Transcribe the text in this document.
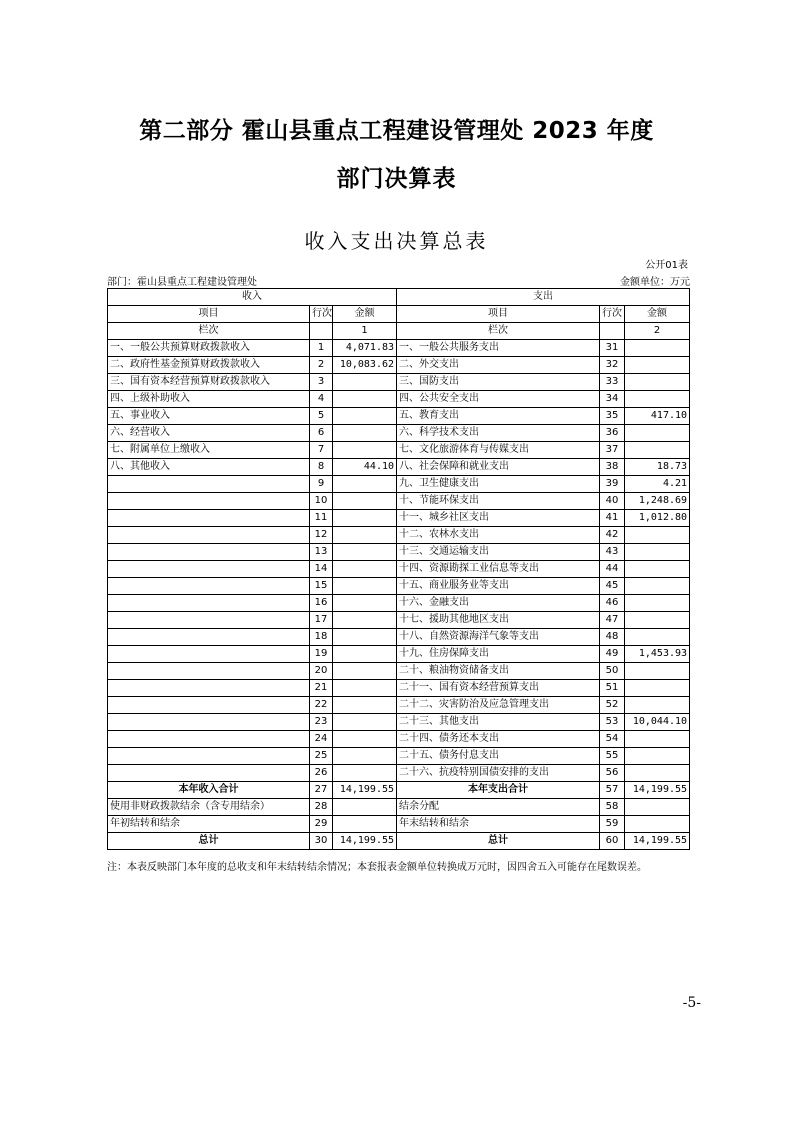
第二部分 霍山县重点工程建设管理处 2023 年度
部门决算表
收入支出决算总表
公开01表
部门：霍山县重点工程建设管理处	金额单位：万元
收入			支出		
项目	行次	金额	项目	行次	金额
栏次		1	栏次		2
一、一般公共预算财政拨款收入	1	4,071.83	一、一般公共服务支出	31	
二、政府性基金预算财政拨款收入	2	10,083.62	二、外交支出	32	
三、国有资本经营预算财政拨款收入	3		三、国防支出	33	
四、上级补助收入	4		四、公共安全支出	34	
五、事业收入	5		五、教育支出	35	417.10
六、经营收入	6		六、科学技术支出	36	
七、附属单位上缴收入	7		七、文化旅游体育与传媒支出	37	
八、其他收入	8	44.10	八、社会保障和就业支出	38	18.73
	9		九、卫生健康支出	39	4.21
	10		十、节能环保支出	40	1,248.69
	11		十一、城乡社区支出	41	1,012.80
	12		十二、农林水支出	42	
	13		十三、交通运输支出	43	
	14		十四、资源勘探工业信息等支出	44	
	15		十五、商业服务业等支出	45	
	16		十六、金融支出	46	
	17		十七、援助其他地区支出	47	
	18		十八、自然资源海洋气象等支出	48	
	19		十九、住房保障支出	49	1,453.93
	20		二十、粮油物资储备支出	50	
	21		二十一、国有资本经营预算支出	51	
	22		二十二、灾害防治及应急管理支出	52	
	23		二十三、其他支出	53	10,044.10
	24		二十四、债务还本支出	54	
	25		二十五、债务付息支出	55	
	26		二十六、抗疫特别国债安排的支出	56	
本年收入合计	27	14,199.55	本年支出合计	57	14,199.55
使用非财政拨款结余（含专用结余）	28		结余分配	58	
年初结转和结余	29		年末结转和结余	59	
总计	30	14,199.55	总计	60	14,199.55
注：本表反映部门本年度的总收支和年末结转结余情况；本套报表金额单位转换成万元时，因四舍五入可能存在尾数误差。
-5-
